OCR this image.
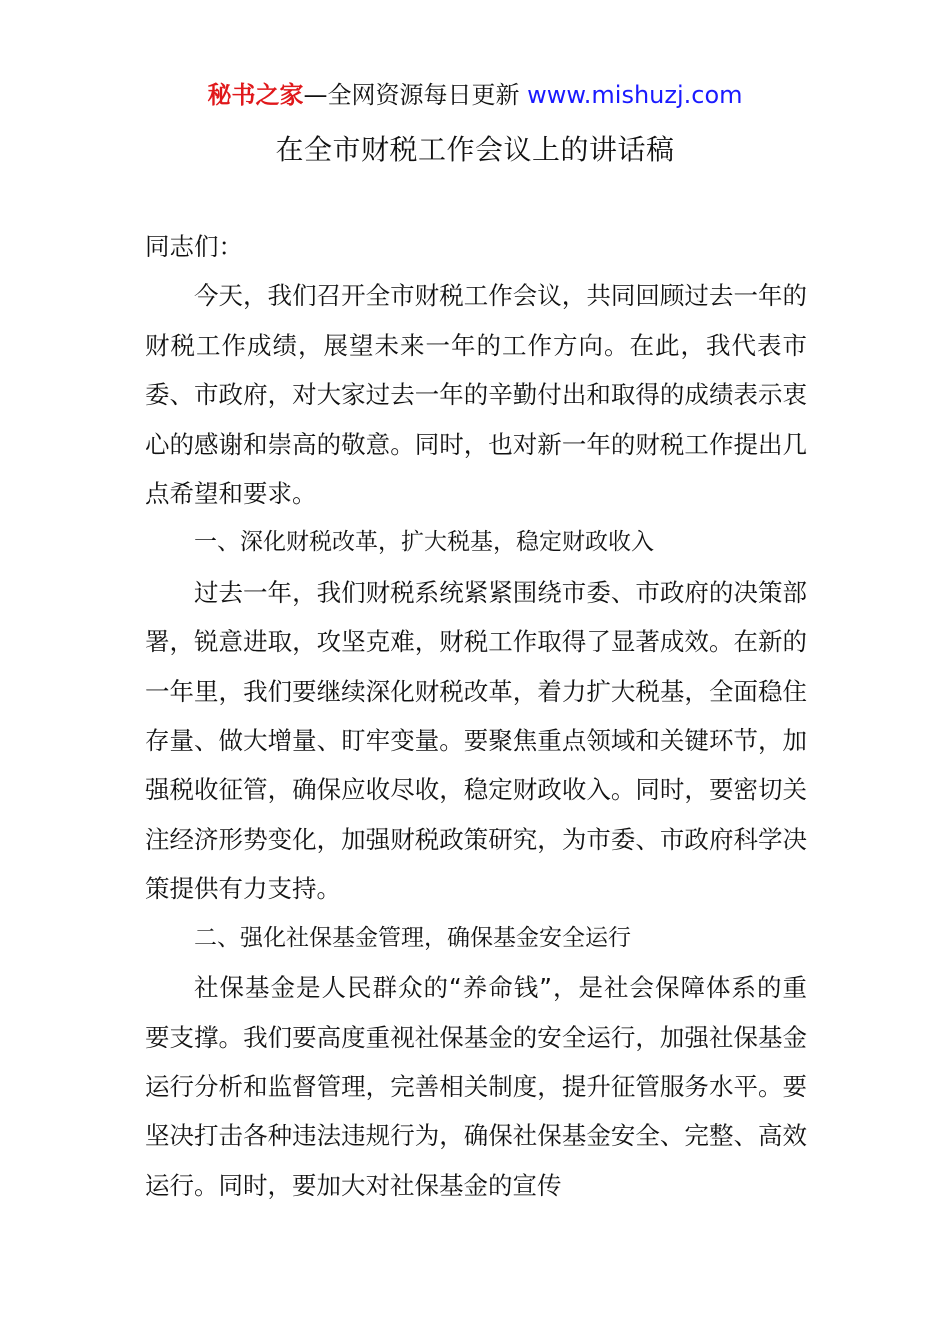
秘书之家—全网资源每日更新 www.mishuzj.com
在全市财税工作会议上的讲话稿

同志们：

今天，我们召开全市财税工作会议，共同回顾过去一年的财税工作成绩，展望未来一年的工作方向。在此，我代表市委、市政府，对大家过去一年的辛勤付出和取得的成绩表示衷心的感谢和崇高的敬意。同时，也对新一年的财税工作提出几点希望和要求。

一、深化财税改革，扩大税基，稳定财政收入

过去一年，我们财税系统紧紧围绕市委、市政府的决策部署，锐意进取，攻坚克难，财税工作取得了显著成效。在新的一年里，我们要继续深化财税改革，着力扩大税基，全面稳住存量、做大增量、盯牢变量。要聚焦重点领域和关键环节，加强税收征管，确保应收尽收，稳定财政收入。同时，要密切关注经济形势变化，加强财税政策研究，为市委、市政府科学决策提供有力支持。

二、强化社保基金管理，确保基金安全运行

社保基金是人民群众的“养命钱”，是社会保障体系的重要支撑。我们要高度重视社保基金的安全运行，加强社保基金运行分析和监督管理，完善相关制度，提升征管服务水平。要坚决打击各种违法违规行为，确保社保基金安全、完整、高效运行。同时，要加大对社保基金的宣传
